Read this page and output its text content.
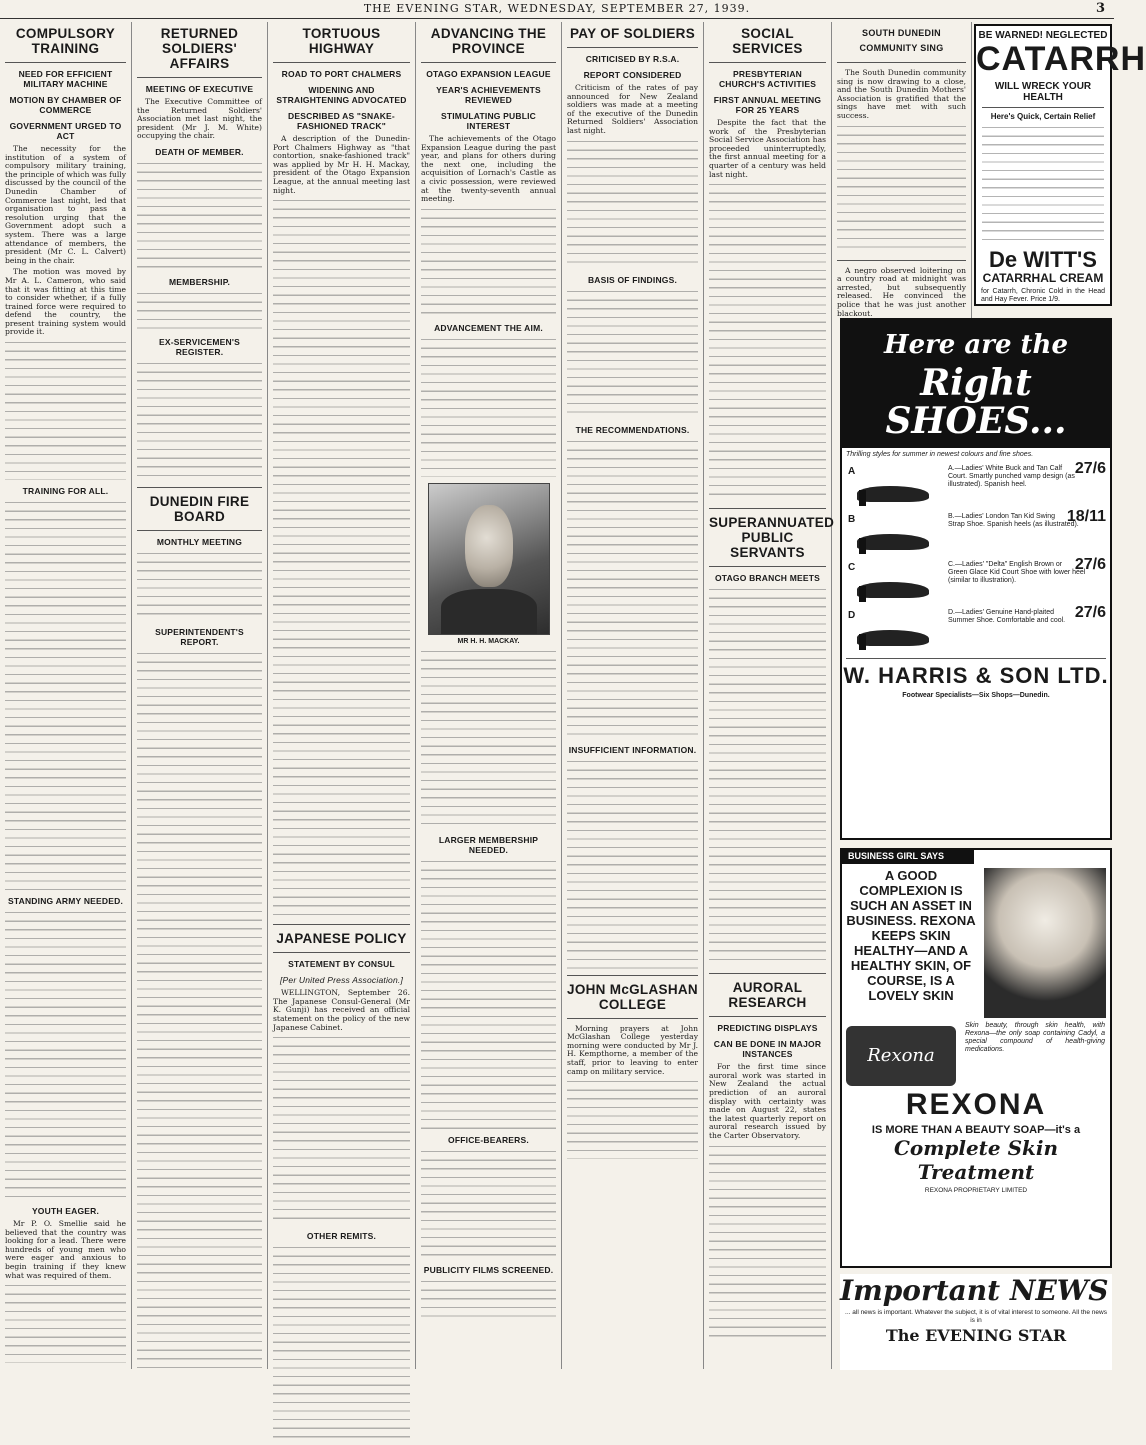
THE EVENING STAR, WEDNESDAY, SEPTEMBER 27, 1939.	3
COMPULSORY TRAINING
NEED FOR EFFICIENT MILITARY MACHINE
MOTION BY CHAMBER OF COMMERCE
GOVERNMENT URGED TO ACT

The necessity for the institution of a system of compulsory military training, the principle of which was fully discussed by the council of the Dunedin Chamber of Commerce last night, led that organisation to pass a resolution urging that the Government adopt such a system. There was a large attendance of members, the president (Mr C. L. Calvert) being in the chair.

The motion was moved by Mr A. L. Cameron, who said that it was fitting at this time to consider whether, if a fully trained force were required to defend the country, the present training system would provide it.

TRAINING FOR ALL.
STANDING ARMY NEEDED.
YOUTH EAGER.

Mr P. O. Smellie said he believed that the country was looking for a lead. There were hundreds of young men who were eager and anxious to begin training if they knew what was required of them.

RETURNED SOLDIERS' AFFAIRS
MEETING OF EXECUTIVE

The Executive Committee of the Returned Soldiers' Association met last night, the president (Mr J. M. White) occupying the chair.

DEATH OF MEMBER.
MEMBERSHIP.
EX-SERVICEMEN'S REGISTER.
DUNEDIN FIRE BOARD
MONTHLY MEETING
SUPERINTENDENT'S REPORT.
TORTUOUS HIGHWAY
ROAD TO PORT CHALMERS
WIDENING AND STRAIGHTENING ADVOCATED
DESCRIBED AS "SNAKE-FASHIONED TRACK"

A description of the Dunedin-Port Chalmers Highway as "that contortion, snake-fashioned track" was applied by Mr H. H. Mackay, president of the Otago Expansion League, at the annual meeting last night.

JAPANESE POLICY
STATEMENT BY CONSUL
[Per United Press Association.]

WELLINGTON, September 26. The Japanese Consul-General (Mr K. Gunji) has received an official statement on the policy of the new Japanese Cabinet.

OTHER REMITS.
ADVANCING THE PROVINCE
OTAGO EXPANSION LEAGUE
YEAR'S ACHIEVEMENTS REVIEWED
STIMULATING PUBLIC INTEREST

The achievements of the Otago Expansion League during the past year, and plans for others during the next one, including the acquisition of Lornach's Castle as a civic possession, were reviewed at the twenty-seventh annual meeting.

ADVANCEMENT THE AIM.
MR H. H. MACKAY.
LARGER MEMBERSHIP NEEDED.
OFFICE-BEARERS.
PUBLICITY FILMS SCREENED.
PAY OF SOLDIERS
CRITICISED BY R.S.A.
REPORT CONSIDERED

Criticism of the rates of pay announced for New Zealand soldiers was made at a meeting of the executive of the Dunedin Returned Soldiers' Association last night.

BASIS OF FINDINGS.
THE RECOMMENDATIONS.
INSUFFICIENT INFORMATION.
JOHN McGLASHAN COLLEGE

Morning prayers at John McGlashan College yesterday morning were conducted by Mr J. H. Kempthorne, a member of the staff, prior to leaving to enter camp on military service.

SOCIAL SERVICES
PRESBYTERIAN CHURCH'S ACTIVITIES
FIRST ANNUAL MEETING FOR 25 YEARS

Despite the fact that the work of the Presbyterian Social Service Association has proceeded uninterruptedly, the first annual meeting for a quarter of a century was held last night.

SUPERANNUATED PUBLIC SERVANTS
OTAGO BRANCH MEETS
AURORAL RESEARCH
PREDICTING DISPLAYS
CAN BE DONE IN MAJOR INSTANCES

For the first time since auroral work was started in New Zealand the actual prediction of an auroral display with certainty was made on August 22, states the latest quarterly report on auroral research issued by the Carter Observatory.

SOUTH DUNEDIN COMMUNITY SING

The South Dunedin community sing is now drawing to a close, and the South Dunedin Mothers' Association is gratified that the sings have met with such success.

A negro observed loitering on a country road at midnight was arrested, but subsequently released. He convinced the police that he was just another blackout.

BE WARNED! NEGLECTED
CATARRH
WILL WRECK YOUR HEALTH
Here's Quick, Certain Relief
De WITT'S
CATARRHAL CREAM
for Catarrh, Chronic Cold in the Head and Hay Fever. Price 1/9.
Here are the
Right
SHOES...
Thrilling styles for summer in newest colours and fine shoes.
A	27/6
A.—Ladies' White Buck and Tan Calf Court. Smartly punched vamp design (as illustrated). Spanish heel.
B	18/11
B.—Ladies' London Tan Kid Swing Strap Shoe. Spanish heels (as illustrated).
C	27/6
C.—Ladies' "Delta" English Brown or Green Glace Kid Court Shoe with lower heel (similar to illustration).
D	27/6
D.—Ladies' Genuine Hand-plaited Summer Shoe. Comfortable and cool.
W. HARRIS & SON LTD.
Footwear Specialists—Six Shops—Dunedin.
BUSINESS GIRL SAYS
A GOOD COMPLEXION IS SUCH AN ASSET IN BUSINESS. REXONA KEEPS SKIN HEALTHY—AND A HEALTHY SKIN, OF COURSE, IS A LOVELY SKIN
Rexona
Skin beauty, through skin health, with Rexona—the only soap containing Cadyl, a special compound of health-giving medications.
REXONA
IS MORE THAN A BEAUTY SOAP—it's a
Complete Skin Treatment
REXONA PROPRIETARY LIMITED
Important NEWS
... all news is important. Whatever the subject, it is of vital interest to someone. All the news is in
The EVENING STAR
